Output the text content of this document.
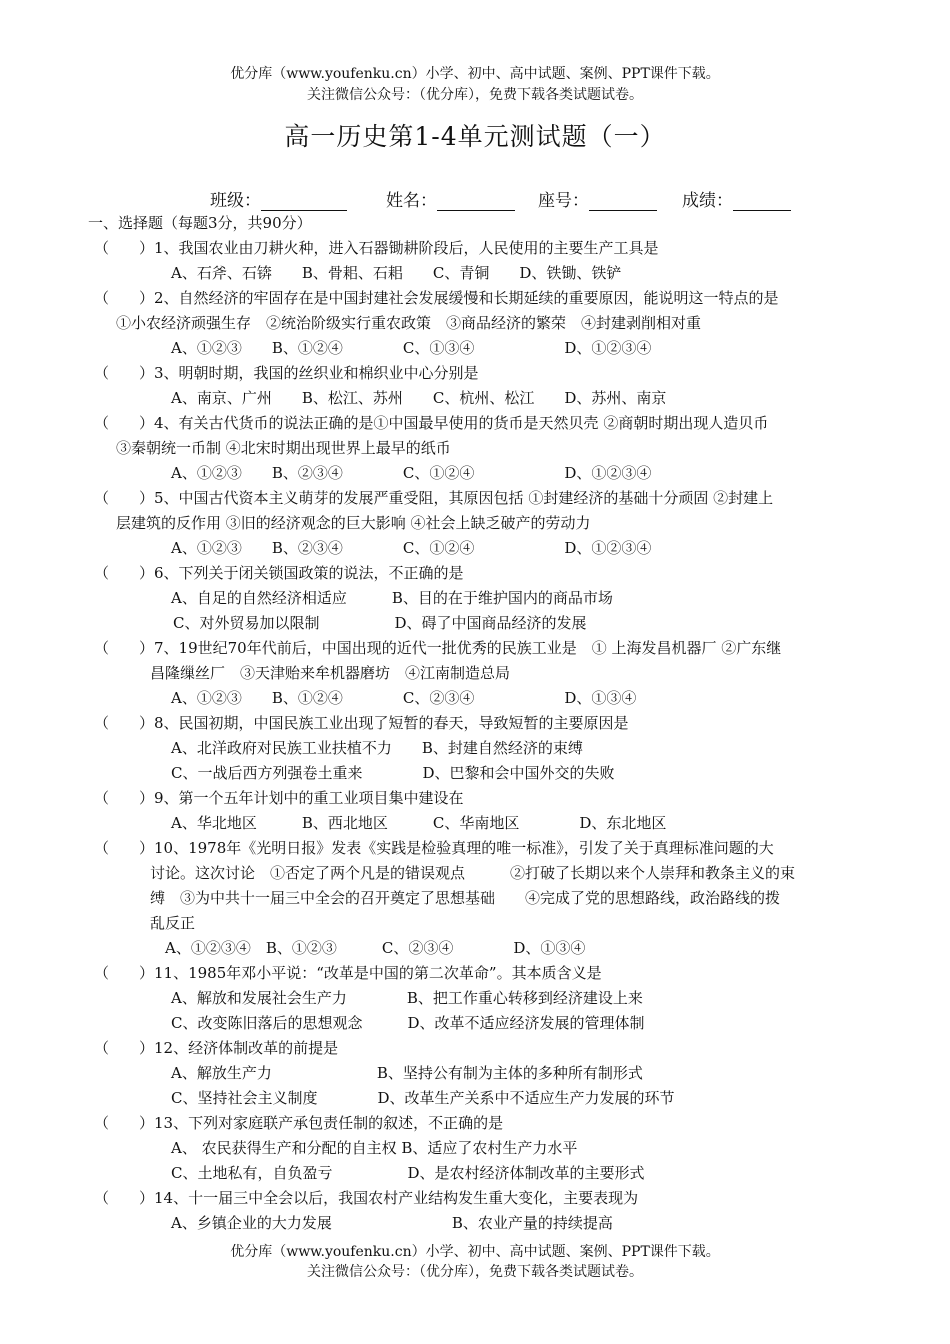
优分库（www.youfenku.cn）小学、初中、高中试题、案例、PPT课件下载。
关注微信公众号：（优分库），免费下载各类试题试卷。
高一历史第1-4单元测试题（一）
班级：	姓名：	座号：	成绩：
一、选择题（每题3分，共90分）
（　　）1、我国农业由刀耕火种，进入石器锄耕阶段后，人民使用的主要生产工具是
A、石斧、石锛　　B、骨耜、石耜　　C、青铜　　D、铁锄、铁铲
（　　）2、自然经济的牢固存在是中国封建社会发展缓慢和长期延续的重要原因，能说明这一特点的是
①小农经济顽强生存　②统治阶级实行重农政策　③商品经济的繁荣　④封建剥削相对重
A、①②③　　B、①②④　　　　C、①③④　　　　　　D、①②③④
（　　）3、明朝时期，我国的丝织业和棉织业中心分别是
A、南京、广州　　B、松江、苏州　　C、杭州、松江　　D、苏州、南京
（　　）4、有关古代货币的说法正确的是①中国最早使用的货币是天然贝壳 ②商朝时期出现人造贝币
③秦朝统一币制 ④北宋时期出现世界上最早的纸币
A、①②③　　B、②③④　　　　C、①②④　　　　　　D、①②③④
（　　）5、中国古代资本主义萌芽的发展严重受阻，其原因包括 ①封建经济的基础十分顽固 ②封建上
层建筑的反作用 ③旧的经济观念的巨大影响 ④社会上缺乏破产的劳动力
A、①②③　　B、②③④　　　　C、①②④　　　　　　D、①②③④
（　　）6、下列关于闭关锁国政策的说法，不正确的是
A、自足的自然经济相适应　　　B、目的在于维护国内的商品市场
C、对外贸易加以限制　　　　　D、碍了中国商品经济的发展
（　　）7、19世纪70年代前后，中国出现的近代一批优秀的民族工业是　① 上海发昌机器厂 ②广东继
昌隆缫丝厂　③天津贻来牟机器磨坊　④江南制造总局
A、①②③　　B、①②④　　　　C、②③④　　　　　　D、①③④
（　　）8、民国初期，中国民族工业出现了短暂的春天，导致短暂的主要原因是
A、北洋政府对民族工业扶植不力　　B、封建自然经济的束缚
C、一战后西方列强卷土重来　　　　D、巴黎和会中国外交的失败
（　　）9、第一个五年计划中的重工业项目集中建设在
A、华北地区　　　B、西北地区　　　C、华南地区　　　　D、东北地区
（　　）10、1978年《光明日报》发表《实践是检验真理的唯一标准》，引发了关于真理标准问题的大
讨论。这次讨论　①否定了两个凡是的错误观点　　　②打破了长期以来个人崇拜和教条主义的束
缚　③为中共十一届三中全会的召开奠定了思想基础　　④完成了党的思想路线，政治路线的拨
乱反正
A、①②③④　B、①②③　　　C、②③④　　　　D、①③④
（　　）11、1985年邓小平说：“改革是中国的第二次革命”。其本质含义是
A、解放和发展社会生产力　　　　B、把工作重心转移到经济建设上来
C、改变陈旧落后的思想观念　　　D、改革不适应经济发展的管理体制
（　　）12、经济体制改革的前提是
A、解放生产力　　　　　　　B、坚持公有制为主体的多种所有制形式
C、坚持社会主义制度　　　　D、改革生产关系中不适应生产力发展的环节
（　　）13、下列对家庭联产承包责任制的叙述，不正确的是
A、 农民获得生产和分配的自主权 B、适应了农村生产力水平
C、土地私有，自负盈亏　　　　　D、是农村经济体制改革的主要形式
（　　）14、十一届三中全会以后，我国农村产业结构发生重大变化，主要表现为
A、乡镇企业的大力发展　　　　　　　　B、农业产量的持续提高
优分库（www.youfenku.cn）小学、初中、高中试题、案例、PPT课件下载。
关注微信公众号：（优分库），免费下载各类试题试卷。
